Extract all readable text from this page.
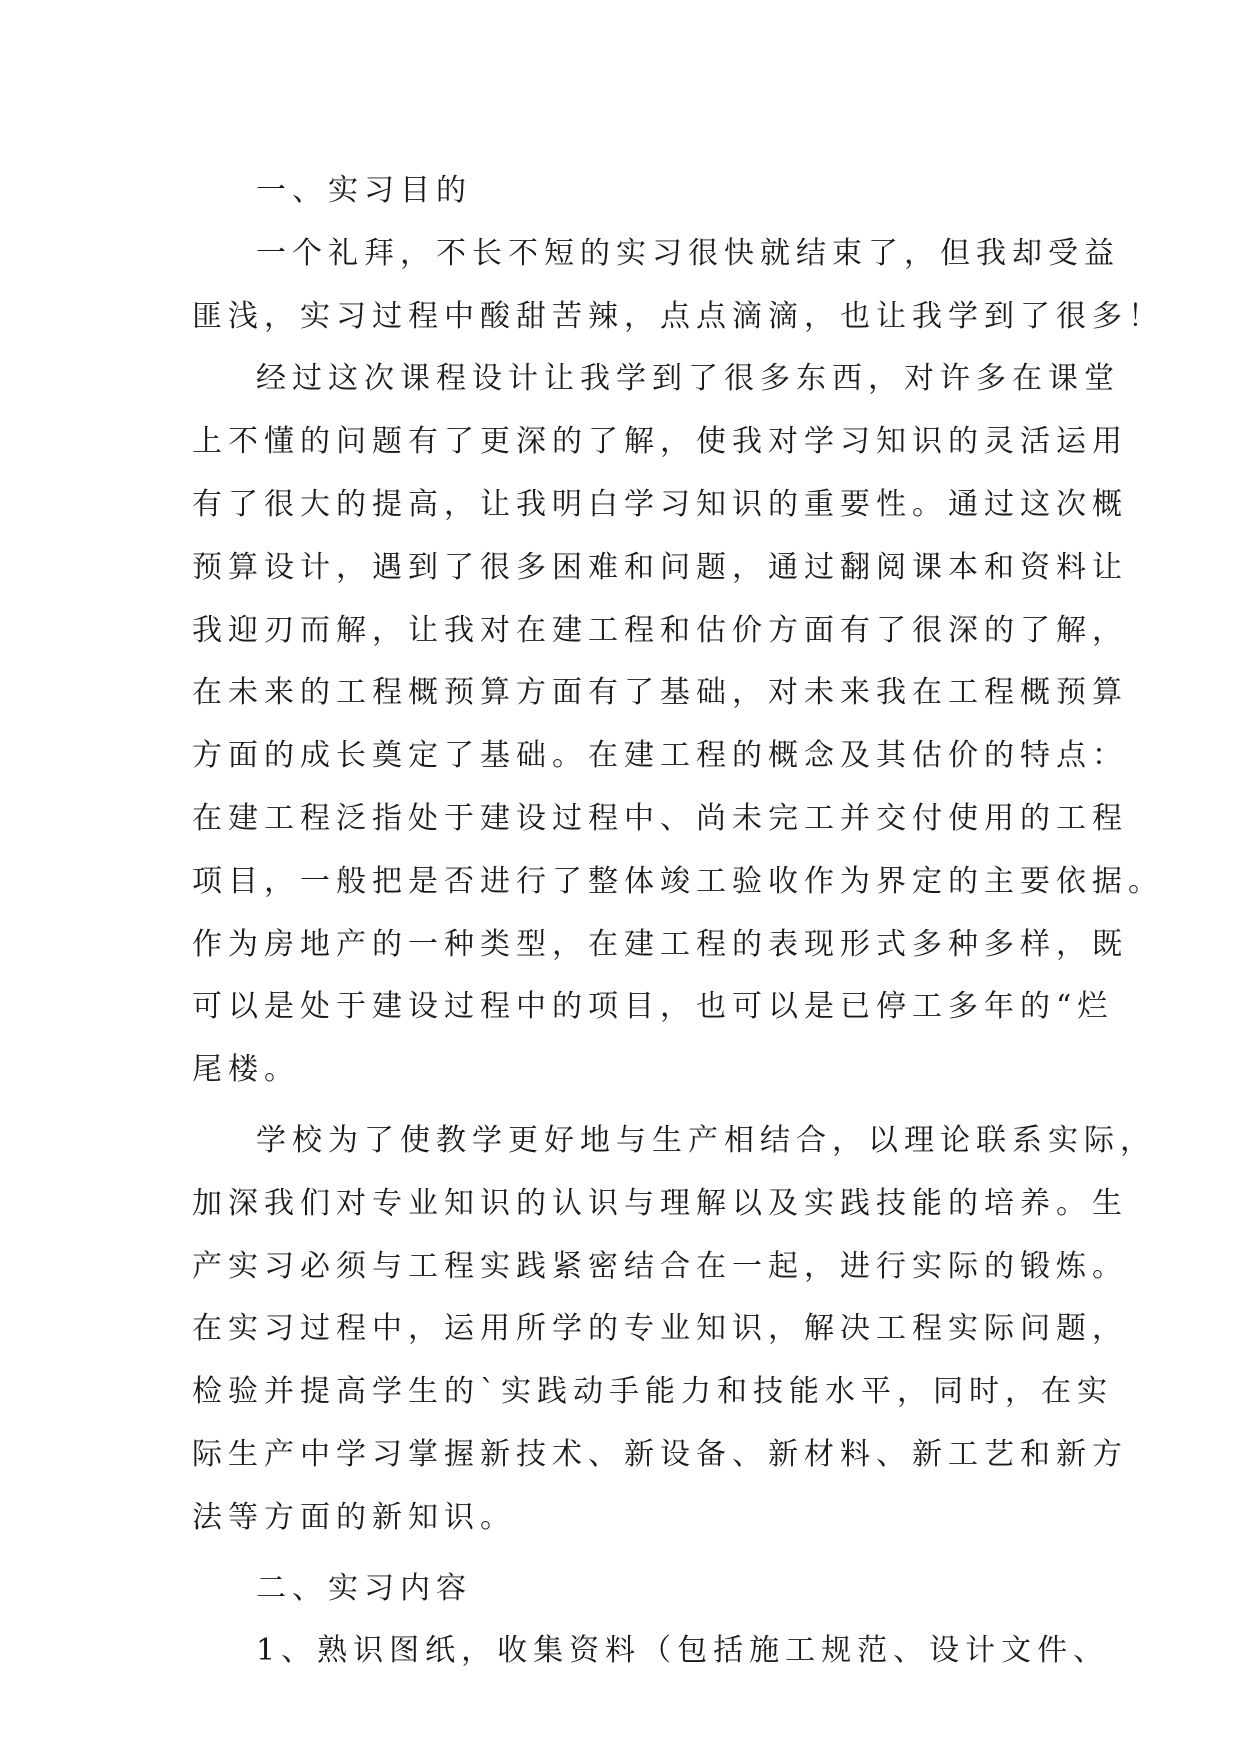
一、实习目的
一个礼拜，不长不短的实习很快就结束了，但我却受益
匪浅，实习过程中酸甜苦辣，点点滴滴，也让我学到了很多！
经过这次课程设计让我学到了很多东西，对许多在课堂
上不懂的问题有了更深的了解，使我对学习知识的灵活运用
有了很大的提高，让我明白学习知识的重要性。通过这次概
预算设计，遇到了很多困难和问题，通过翻阅课本和资料让
我迎刃而解，让我对在建工程和估价方面有了很深的了解，
在未来的工程概预算方面有了基础，对未来我在工程概预算
方面的成长奠定了基础。在建工程的概念及其估价的特点：
在建工程泛指处于建设过程中、尚未完工并交付使用的工程
项目，一般把是否进行了整体竣工验收作为界定的主要依据。
作为房地产的一种类型，在建工程的表现形式多种多样，既
可以是处于建设过程中的项目，也可以是已停工多年的“烂
尾楼。
学校为了使教学更好地与生产相结合，以理论联系实际，
加深我们对专业知识的认识与理解以及实践技能的培养。生
产实习必须与工程实践紧密结合在一起，进行实际的锻炼。
在实习过程中，运用所学的专业知识，解决工程实际问题，
检验并提高学生的`实践动手能力和技能水平，同时，在实
际生产中学习掌握新技术、新设备、新材料、新工艺和新方
法等方面的新知识。
二、实习内容
1、熟识图纸，收集资料（包括施工规范、设计文件、
